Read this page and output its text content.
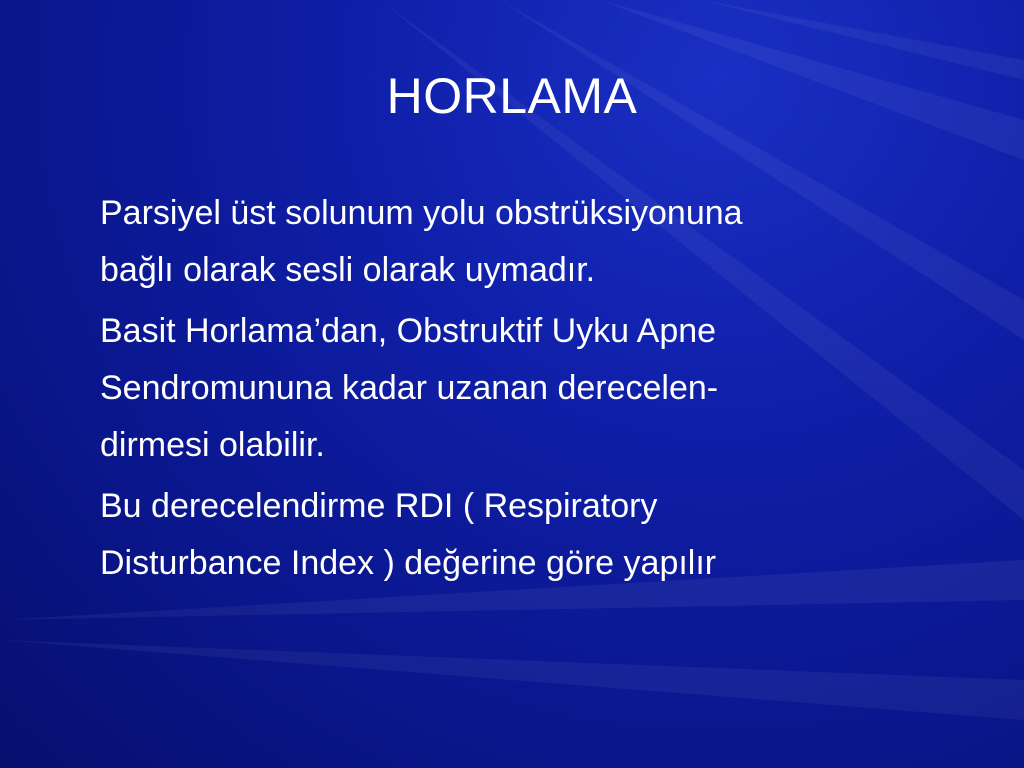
HORLAMA
Parsiyel üst solunum yolu obstrüksiyonuna
bağlı olarak sesli olarak uymadır.
Basit Horlama’dan, Obstruktif Uyku Apne
Sendromununa kadar uzanan derecelen-
dirmesi olabilir.
Bu derecelendirme RDI ( Respiratory
Disturbance Index ) değerine göre yapılır
